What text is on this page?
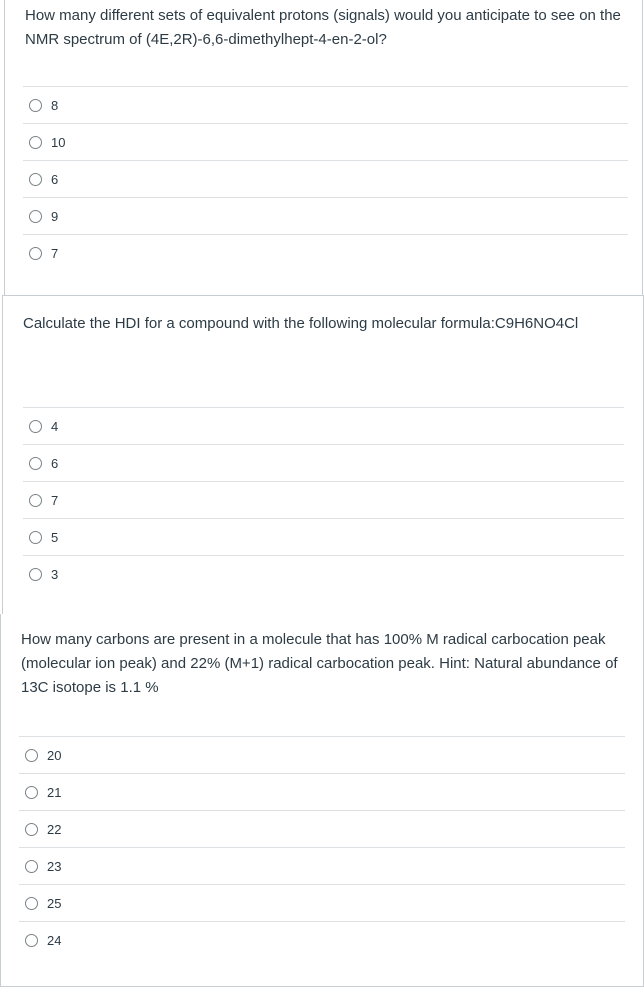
How many different sets of equivalent protons (signals) would you anticipate to see on the NMR spectrum of (4E,2R)-6,6-dimethylhept-4-en-2-ol?
8
10
6
9
7
Calculate the HDI for a compound with the following molecular formula:C9H6NO4Cl
4
6
7
5
3
How many carbons are present in a molecule that has 100% M radical carbocation peak (molecular ion peak) and 22% (M+1) radical carbocation peak. Hint: Natural abundance of 13C isotope is 1.1 %
20
21
22
23
25
24
